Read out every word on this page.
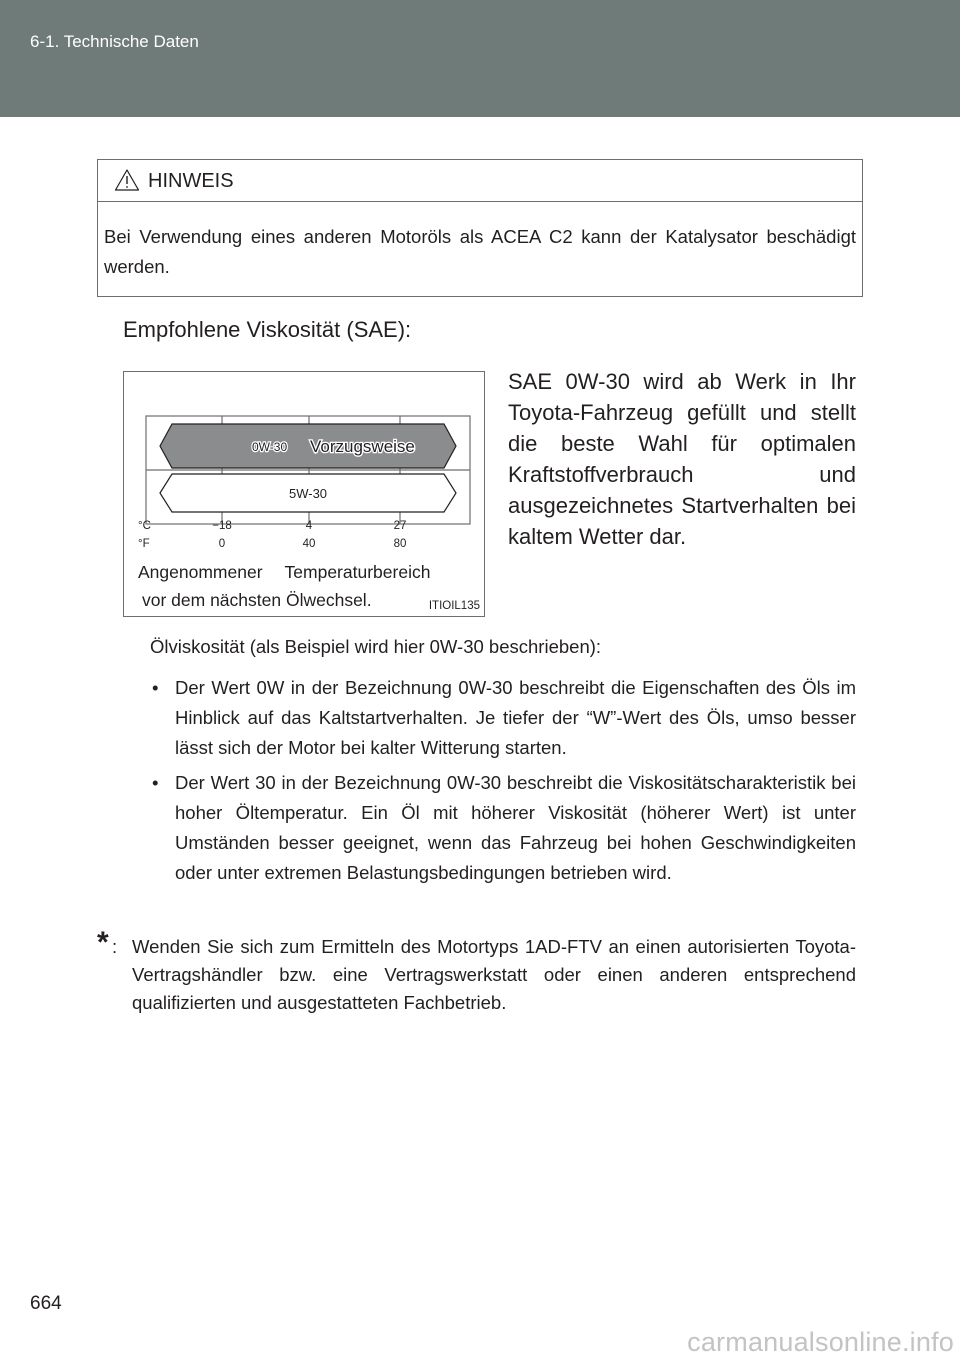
6-1. Technische Daten
HINWEIS
Bei Verwendung eines anderen Motoröls als ACEA C2 kann der Katalysator beschädigt werden.
Empfohlene Viskosität (SAE):
0W-30 Vorzugsweise
5W-30
°C	−18	4	27
°F	0	40	80
Angenommener Temperaturbereich
vor dem nächsten Ölwechsel.	ITIOIL135
SAE 0W-30 wird ab Werk in Ihr Toyota-Fahrzeug gefüllt und stellt die beste Wahl für optimalen Kraftstoffverbrauch und ausgezeichnetes Startverhalten bei kaltem Wetter dar.
Ölviskosität (als Beispiel wird hier 0W-30 beschrieben):
• Der Wert 0W in der Bezeichnung 0W-30 beschreibt die Eigenschaften des Öls im Hinblick auf das Kaltstartverhalten. Je tiefer der “W”-Wert des Öls, umso besser lässt sich der Motor bei kalter Witterung starten.
• Der Wert 30 in der Bezeichnung 0W-30 beschreibt die Viskositätscharakteristik bei hoher Öltemperatur. Ein Öl mit höherer Viskosität (höherer Wert) ist unter Umständen besser geeignet, wenn das Fahrzeug bei hohen Geschwindigkeiten oder unter extremen Belastungsbedingungen betrieben wird.
* : Wenden Sie sich zum Ermitteln des Motortyps 1AD-FTV an einen autorisierten Toyota-Vertragshändler bzw. eine Vertragswerkstatt oder einen anderen entsprechend qualifizierten und ausgestatteten Fachbetrieb.
664
carmanualsonline.info
